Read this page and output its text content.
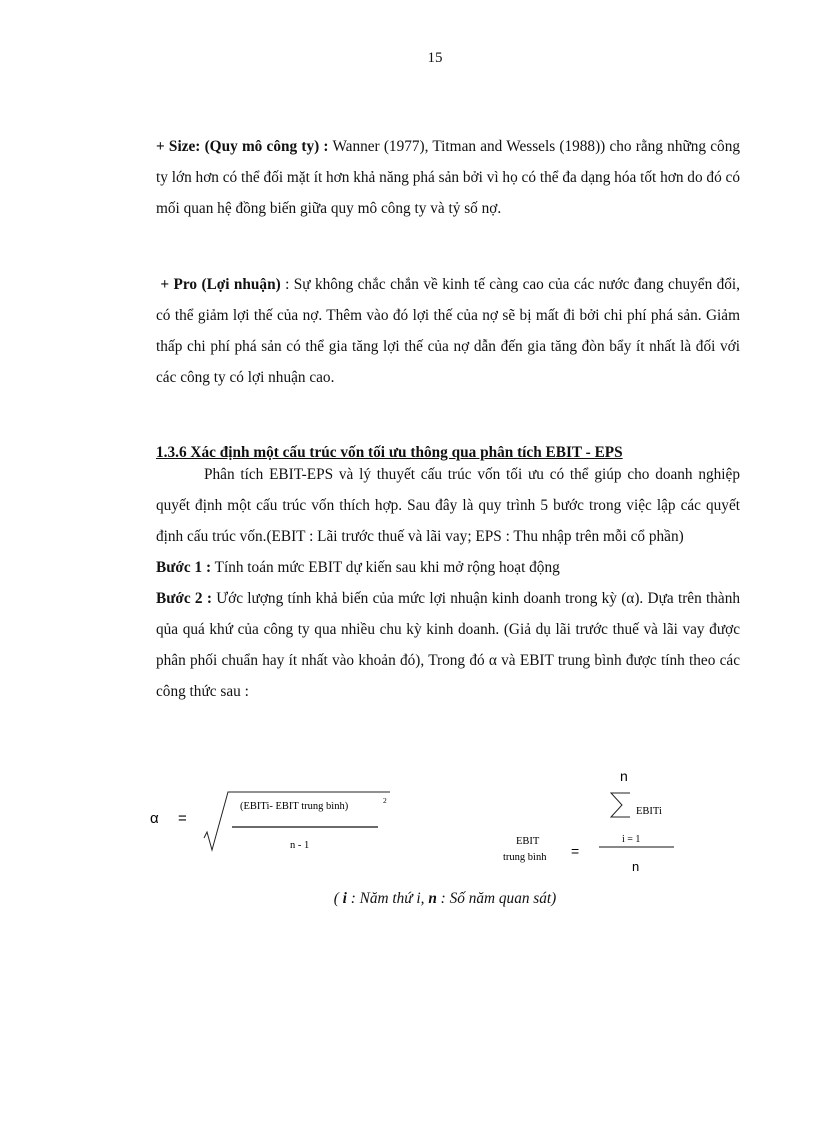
15

+ Size: (Quy mô công ty) : Wanner (1977), Titman and Wessels (1988)) cho rằng những công ty lớn hơn có thể đối mặt ít hơn khả năng phá sản bởi vì họ có thể đa dạng hóa tốt hơn do đó có mối quan hệ đồng biến giữa quy mô công ty và tỷ số nợ.

+ Pro (Lợi nhuận) : Sự không chắc chắn về kinh tế càng cao của các nước đang chuyển đổi, có thể giảm lợi thế của nợ. Thêm vào đó lợi thế của nợ sẽ bị mất đi bởi chi phí phá sản. Giảm thấp chi phí phá sản có thể gia tăng lợi thế của nợ dẫn đến gia tăng đòn bẩy ít nhất là đối với các công ty có lợi nhuận cao.

1.3.6 Xác định một cấu trúc vốn tối ưu thông qua phân tích EBIT - EPS

Phân tích EBIT-EPS và lý thuyết cấu trúc vốn tối ưu có thể giúp cho doanh nghiệp quyết định một cấu trúc vốn thích hợp. Sau đây là quy trình 5 bước trong việc lập các quyết định cấu trúc vốn.(EBIT : Lãi trước thuế và lãi vay; EPS : Thu nhập trên mỗi cổ phần)

Bước 1 : Tính toán mức EBIT dự kiến sau khi mở rộng hoạt động

Bước 2 : Ước lượng tính khả biến của mức lợi nhuận kinh doanh trong kỳ (α). Dựa trên thành qủa quá khứ của công ty qua nhiều chu kỳ kinh doanh. (Giả dụ lãi trước thuế và lãi vay được phân phối chuẩn hay ít nhất vào khoản đó), Trong đó α và EBIT trung bình được tính theo các công thức sau :

α =
(EBITi- EBIT trung bình)
2
n - 1
n
EBITi
i = 1
n
EBIT
trung bình =
( i : Năm thứ i, n : Số năm quan sát)
